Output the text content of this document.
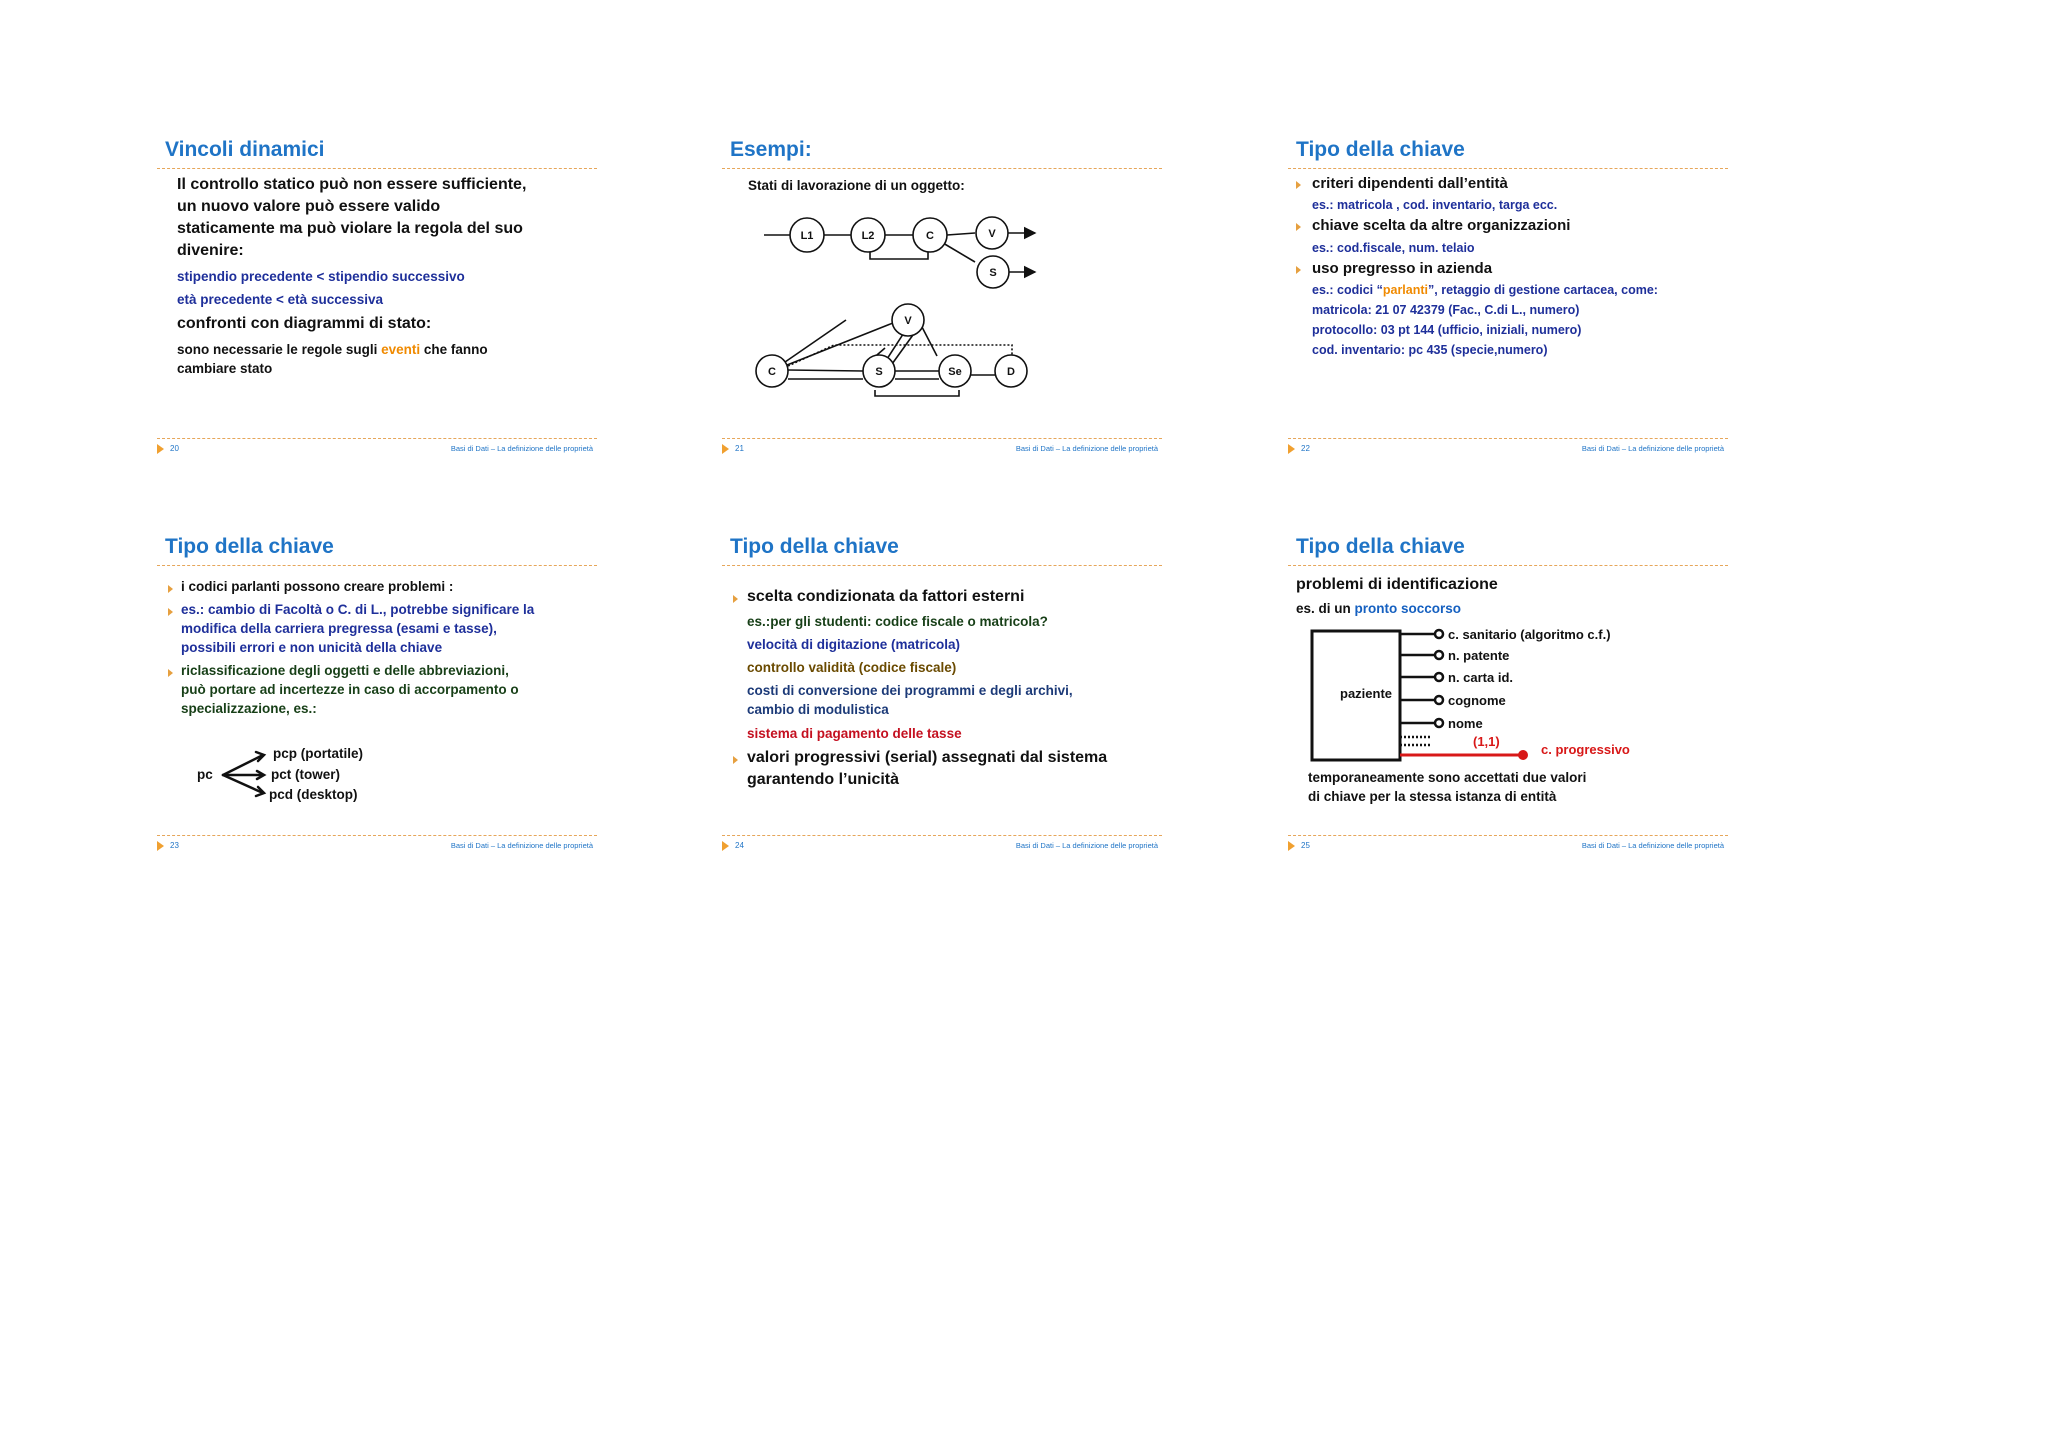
Vincoli dinamici
Il controllo statico può non essere sufficiente,
un nuovo valore può essere valido
staticamente ma può violare la regola del suo
divenire:
stipendio precedente < stipendio successivo
età precedente < età successiva
confronti con diagrammi di stato:
sono necessarie le regole sugli eventi che fanno
cambiare stato
20	Basi di Dati – La definizione delle proprietà
Esempi:
Stati di lavorazione di un oggetto:
L1	L2	C	V
S
V
C	S	Se	D
21	Basi di Dati – La definizione delle proprietà
Tipo della chiave
criteri dipendenti dall’entità
es.: matricola , cod. inventario, targa ecc.
chiave scelta da altre organizzazioni
es.: cod.fiscale, num. telaio
uso pregresso in azienda
es.: codici “parlanti”, retaggio di gestione cartacea, come:
matricola: 21 07 42379 (Fac., C.di L., numero)
protocollo: 03 pt 144 (ufficio, iniziali, numero)
cod. inventario: pc 435 (specie,numero)
22	Basi di Dati – La definizione delle proprietà
Tipo della chiave
i codici parlanti possono creare problemi :
es.: cambio di Facoltà o C. di L., potrebbe significare la
modifica della carriera pregressa (esami e tasse),
possibili errori e non unicità della chiave
riclassificazione degli oggetti e delle abbreviazioni,
può portare ad incertezze in caso di accorpamento o
specializzazione, es.:
pc
pcp (portatile)
pct (tower)
pcd (desktop)
23	Basi di Dati – La definizione delle proprietà
Tipo della chiave
scelta condizionata da fattori esterni
es.:per gli studenti: codice fiscale o matricola?
velocità di digitazione (matricola)
controllo validità (codice fiscale)
costi di conversione dei programmi e degli archivi,
cambio di modulistica
sistema di pagamento delle tasse
valori progressivi (serial) assegnati dal sistema
garantendo l’unicità
24	Basi di Dati – La definizione delle proprietà
Tipo della chiave
problemi di identificazione
es. di un pronto soccorso
paziente
c. sanitario (algoritmo c.f.)
n. patente
n. carta id.
cognome
nome
(1,1)
c. progressivo
temporaneamente sono accettati due valori
di chiave per la stessa istanza di entità
25	Basi di Dati – La definizione delle proprietà
